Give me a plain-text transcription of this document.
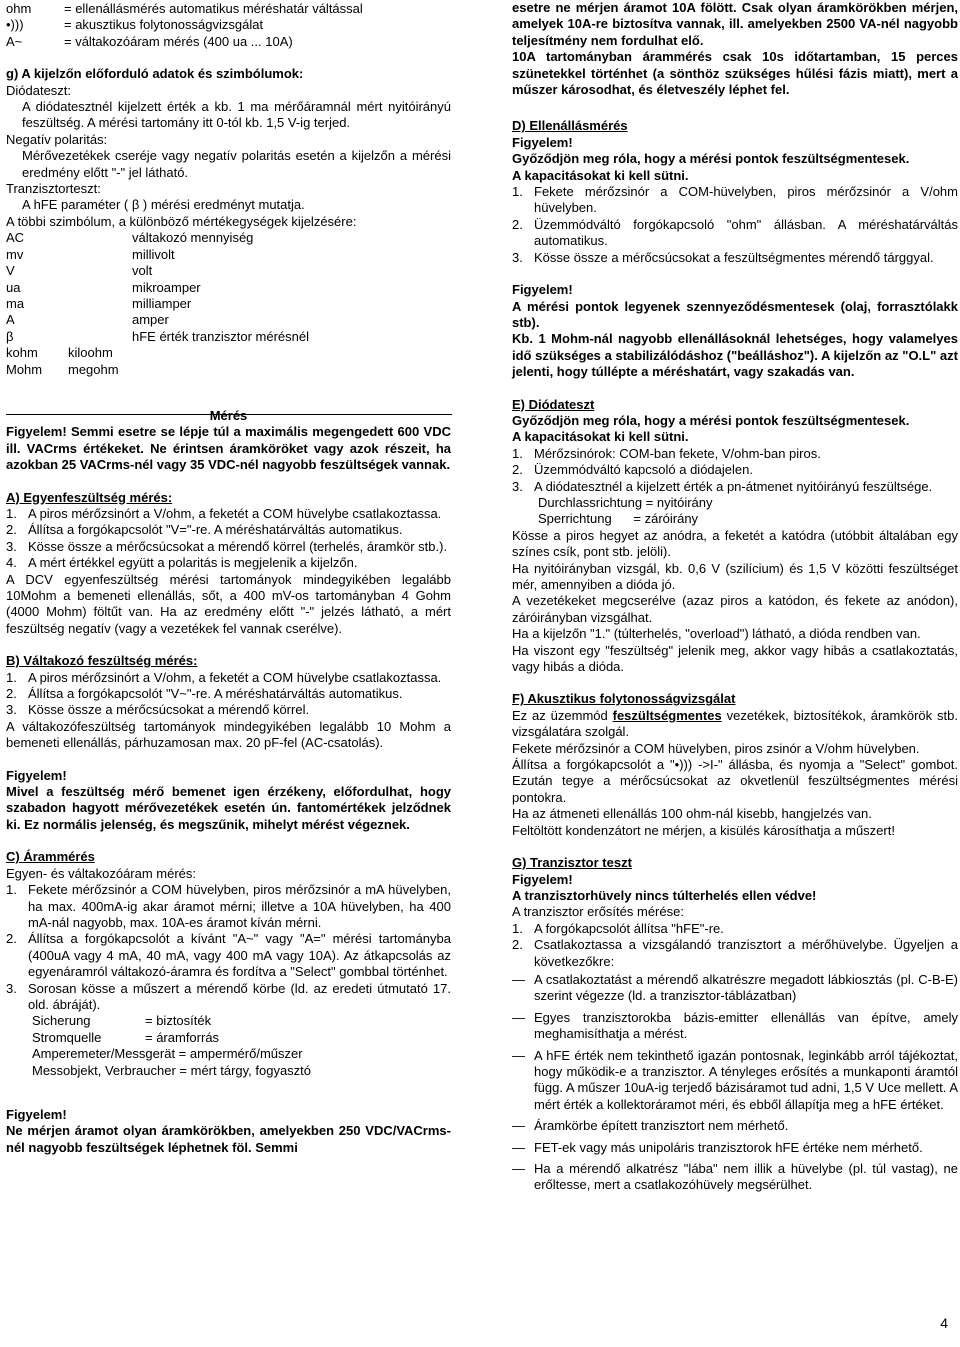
ohm	= ellenállásmérés automatikus méréshatár váltással
•)))	= akusztikus folytonosságvizsgálat
A~	= váltakozóáram mérés (400 ua ... 10A)

g) A kijelzőn előforduló adatok és szimbólumok:

Diódateszt:

A diódatesztnél kijelzett érték a kb. 1 ma mérőáramnál mért nyitóirányú feszültség. A mérési tartomány itt 0-tól kb. 1,5 V-ig terjed.

Negatív polaritás:

Mérővezetékek cseréje vagy negatív polaritás esetén a kijelzőn a mérési eredmény előtt "-" jel látható.

Tranzisztorteszt:

A hFE paraméter ( β ) mérési eredményt mutatja.

A többi szimbólum, a különböző mértékegységek kijelzésére:

AC	váltakozó mennyiség
mv	millivolt
V	volt
ua	mikroamper
ma	milliamper
A	amper
β	hFE érték tranzisztor mérésnél
kohm	kiloohm
Mohm	megohm

Mérés

Figyelem! Semmi esetre se lépje túl a maximális megengedett 600 VDC ill. VACrms értékeket. Ne érintsen áramköröket vagy azok részeit, ha azokban 25 VACrms-nél vagy 35 VDC-nél nagyobb feszültségek vannak.

A) Egyenfeszültség mérés:

1. A piros mérőzsinórt a V/ohm, a feketét a COM hüvelybe csatlakoztassa.
2. Állítsa a forgókapcsolót "V="-re. A méréshatárváltás automatikus.
3. Kösse össze a mérőcsúcsokat a mérendő körrel (terhelés, áramkör stb.).
4. A mért értékkel együtt a polaritás is megjelenik a kijelzőn.

A DCV egyenfeszültség mérési tartományok mindegyikében legalább 10Mohm a bemeneti ellenállás, sőt, a 400 mV-os tartományban 4 Gohm (4000 Mohm) föltűt van. Ha az eredmény előtt "-" jelzés látható, a mért feszültség negatív (vagy a vezetékek fel vannak cserélve).

B) Váltakozó feszültség mérés:

1. A piros mérőzsinórt a V/ohm, a feketét a COM hüvelybe csatlakoztassa.
2. Állítsa a forgókapcsolót "V~"-re. A méréshatárváltás automatikus.
3. Kösse össze a mérőcsúcsokat a mérendő körrel.

A váltakozófeszültség tartományok mindegyikében legalább 10 Mohm a bemeneti ellenállás, párhuzamosan max. 20 pF-fel (AC-csatolás).

Figyelem!

Mivel a feszültség mérő bemenet igen érzékeny, előfordulhat, hogy szabadon hagyott mérővezetékek esetén ún. fantomértékek jelződnek ki. Ez normális jelenség, és megszűnik, mihelyt mérést végeznek.

C) Árammérés

Egyen- és váltakozóáram mérés:

1. Fekete mérőzsinór a COM hüvelyben, piros mérőzsinór a mA hüvelyben, ha max. 400mA-ig akar áramot mérni; illetve a 10A hüvelyben, ha 400 mA-nál nagyobb, max. 10A-es áramot kíván mérni.
2. Állítsa a forgókapcsolót a kívánt "A~" vagy "A=" mérési tartományba (400uA vagy 4 mA, 40 mA, vagy 400 mA vagy 10A). Az átkapcsolás az egyenáramról váltakozó-áramra és fordítva a "Select" gombbal történhet.
3. Sorosan kösse a műszert a mérendő körbe (ld. az eredeti útmutató 17. old. ábráját).
Sicherung	= biztosíték
Stromquelle	= áramforrás

Amperemeter/Messgerät = ampermérő/műszer

Messobjekt, Verbraucher = mért tárgy, fogyasztó

Figyelem!

Ne mérjen áramot olyan áramkörökben, amelyekben 250 VDC/VACrms-nél nagyobb feszültségek léphetnek föl. Semmi

esetre ne mérjen áramot 10A fölött. Csak olyan áramkörökben mérjen, amelyek 10A-re biztosítva vannak, ill. amelyekben 2500 VA-nél nagyobb teljesítmény nem fordulhat elő.

10A tartományban árammérés csak 10s időtartamban, 15 perces szünetekkel történhet (a sönthöz szükséges hűlési fázis miatt), mert a műszer károsodhat, és életveszély léphet fel.

D) Ellenállásmérés

Figyelem!

Győződjön meg róla, hogy a mérési pontok feszültségmentesek.

A kapacitásokat ki kell sütni.

1. Fekete mérőzsinór a COM-hüvelyben, piros mérőzsinór a V/ohm hüvelyben.
2. Üzemmódváltó forgókapcsoló "ohm" állásban. A méréshatárváltás automatikus.
3. Kösse össze a mérőcsúcsokat a feszültségmentes mérendő tárggyal.

Figyelem!

A mérési pontok legyenek szennyeződésmentesek (olaj, forrasztólakk stb).

Kb. 1 Mohm-nál nagyobb ellenállásoknál lehetséges, hogy valamelyes idő szükséges a stabilizálódáshoz ("beálláshoz"). A kijelzőn az "O.L" azt jelenti, hogy túllépte a méréshatárt, vagy szakadás van.

E) Diódateszt

Győződjön meg róla, hogy a mérési pontok feszültségmentesek.

A kapacitásokat ki kell sütni.

1. Mérőzsinórok: COM-ban fekete, V/ohm-ban piros.
2. Üzemmódváltó kapcsoló a diódajelen.
3. A diódatesztnél a kijelzett érték a pn-átmenet nyitóirányú feszültsége.

Durchlassrichtung = nyitóirány

Sperrichtung      = záróirány

Kösse a piros hegyet az anódra, a feketét a katódra (utóbbit általában egy színes csík, pont stb. jelöli).

Ha nyitóirányban vizsgál, kb. 0,6 V (szilícium) és 1,5 V közötti feszültséget mér, amennyiben a dióda jó.

A vezetékeket megcserélve (azaz piros a katódon, és fekete az anódon), záróirányban vizsgálhat.

Ha a kijelzőn "1." (túlterhelés, "overload") látható, a dióda rendben van.

Ha viszont egy "feszültség" jelenik meg, akkor vagy hibás a csatlakoztatás, vagy hibás a dióda.

F) Akusztikus folytonosságvizsgálat

Ez az üzemmód feszültségmentes vezetékek, biztosítékok, áramkörök stb. vizsgálatára szolgál.

Fekete mérőzsinór a COM hüvelyben, piros zsinór a V/ohm hüvelyben.

Állítsa a forgókapcsolót a "•))) ->I-" állásba, és nyomja a "Select" gombot. Ezután tegye a mérőcsúcsokat az okvetlenül feszültségmentes mérési pontokra.

Ha az átmeneti ellenállás 100 ohm-nál kisebb, hangjelzés van.

Feltöltött kondenzátort ne mérjen, a kisülés károsíthatja a műszert!

G) Tranzisztor teszt

Figyelem!

A tranzisztorhüvely nincs túlterhelés ellen védve!

A tranzisztor erősítés mérése:

1. A forgókapcsolót állítsa "hFE"-re.
2. Csatlakoztassa a vizsgálandó tranzisztort a mérőhüvelybe. Ügyeljen a következőkre:
— A csatlakoztatást a mérendő alkatrészre megadott lábkiosztás (pl. C-B-E) szerint végezze (ld. a tranzisztor-táblázatban)
— Egyes tranzisztorokba bázis-emitter ellenállás van építve, amely meghamisíthatja a mérést.
— A hFE érték nem tekinthető igazán pontosnak, leginkább arról tájékoztat, hogy működik-e a tranzisztor. A tényleges erősítés a munkaponti áramtól függ. A műszer 10uA-ig terjedő bázisáramot tud adni, 1,5 V Uce mellett. A mért érték a kollektoráramot méri, és ebből állapítja meg a hFE értéket.
— Áramkörbe épített tranzisztort nem mérhető.
— FET-ek vagy más unipoláris tranzisztorok hFE értéke nem mérhető.
— Ha a mérendő alkatrész "lába" nem illik a hüvelybe (pl. túl vastag), ne erőltesse, mert a csatlakozóhüvely megsérülhet.
4
